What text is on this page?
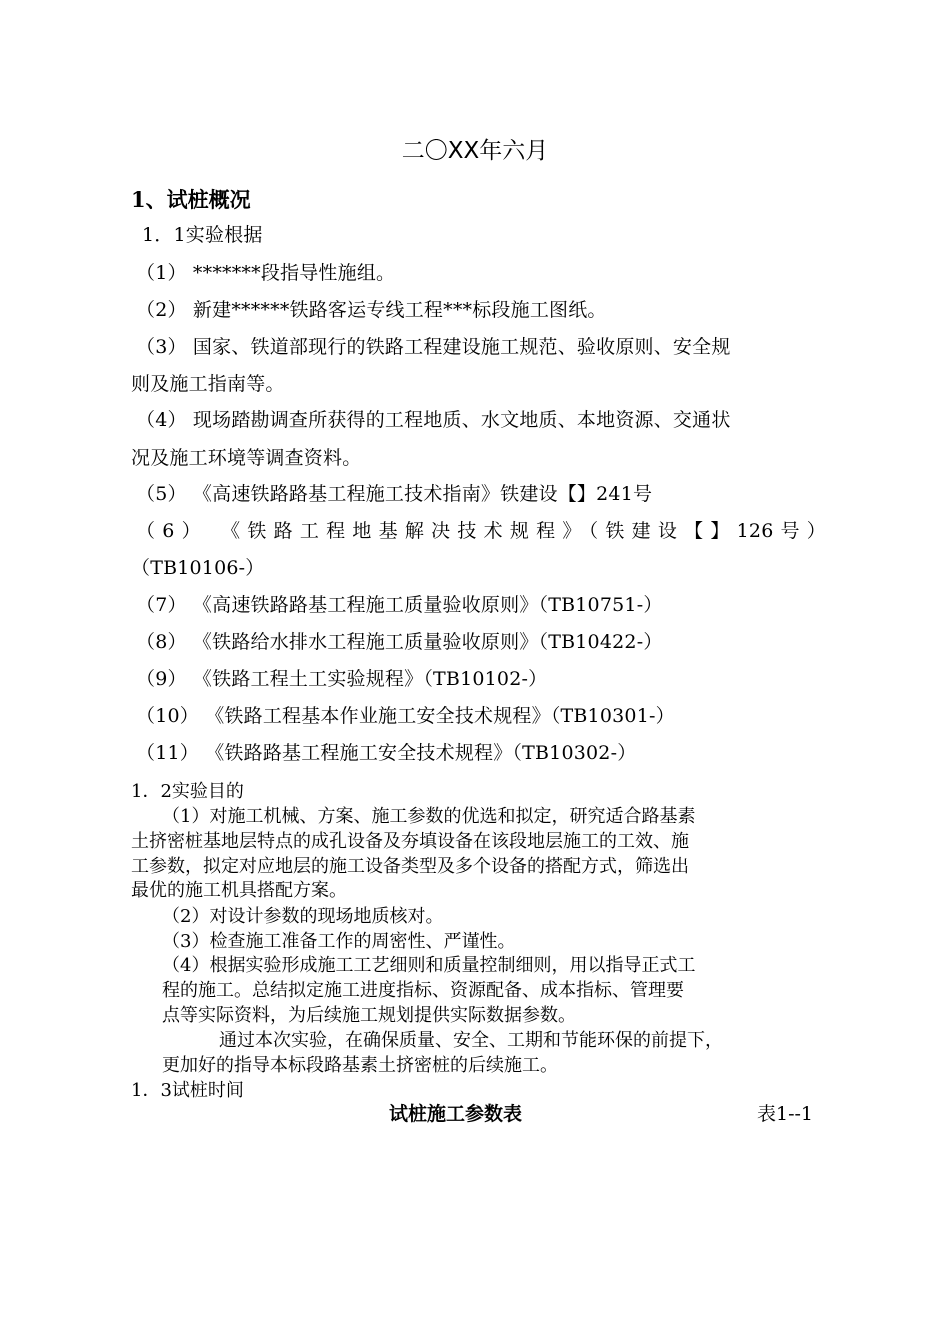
二〇XX年六月
1、试桩概况
1．1实验根据
（1） *******段指导性施组。
（2） 新建******铁路客运专线工程***标段施工图纸。
（3） 国家、铁道部现行的铁路工程建设施工规范、验收原则、安全规
则及施工指南等。
（4） 现场踏勘调查所获得的工程地质、水文地质、本地资源、交通状
况及施工环境等调查资料。
（5） 《高速铁路路基工程施工技术指南》铁建设【】241号
（6） 《铁路工程地基解决技术规程》（铁建设【】126号）
（TB10106-）
（7） 《高速铁路路基工程施工质量验收原则》（TB10751-）
（8） 《铁路给水排水工程施工质量验收原则》（TB10422-）
（9） 《铁路工程土工实验规程》（TB10102-）
（10） 《铁路工程基本作业施工安全技术规程》（TB10301-）
（11） 《铁路路基工程施工安全技术规程》（TB10302-）
1．2实验目的
（1）对施工机械、方案、施工参数的优选和拟定，研究适合路基素
土挤密桩基地层特点的成孔设备及夯填设备在该段地层施工的工效、施
工参数，拟定对应地层的施工设备类型及多个设备的搭配方式，筛选出
最优的施工机具搭配方案。
（2）对设计参数的现场地质核对。
（3）检查施工准备工作的周密性、严谨性。
（4）根据实验形成施工工艺细则和质量控制细则，用以指导正式工
程的施工。总结拟定施工进度指标、资源配备、成本指标、管理要
点等实际资料，为后续施工规划提供实际数据参数。
通过本次实验，在确保质量、安全、工期和节能环保的前提下，
更加好的指导本标段路基素土挤密桩的后续施工。
1．3试桩时间
试桩施工参数表	表1--1
